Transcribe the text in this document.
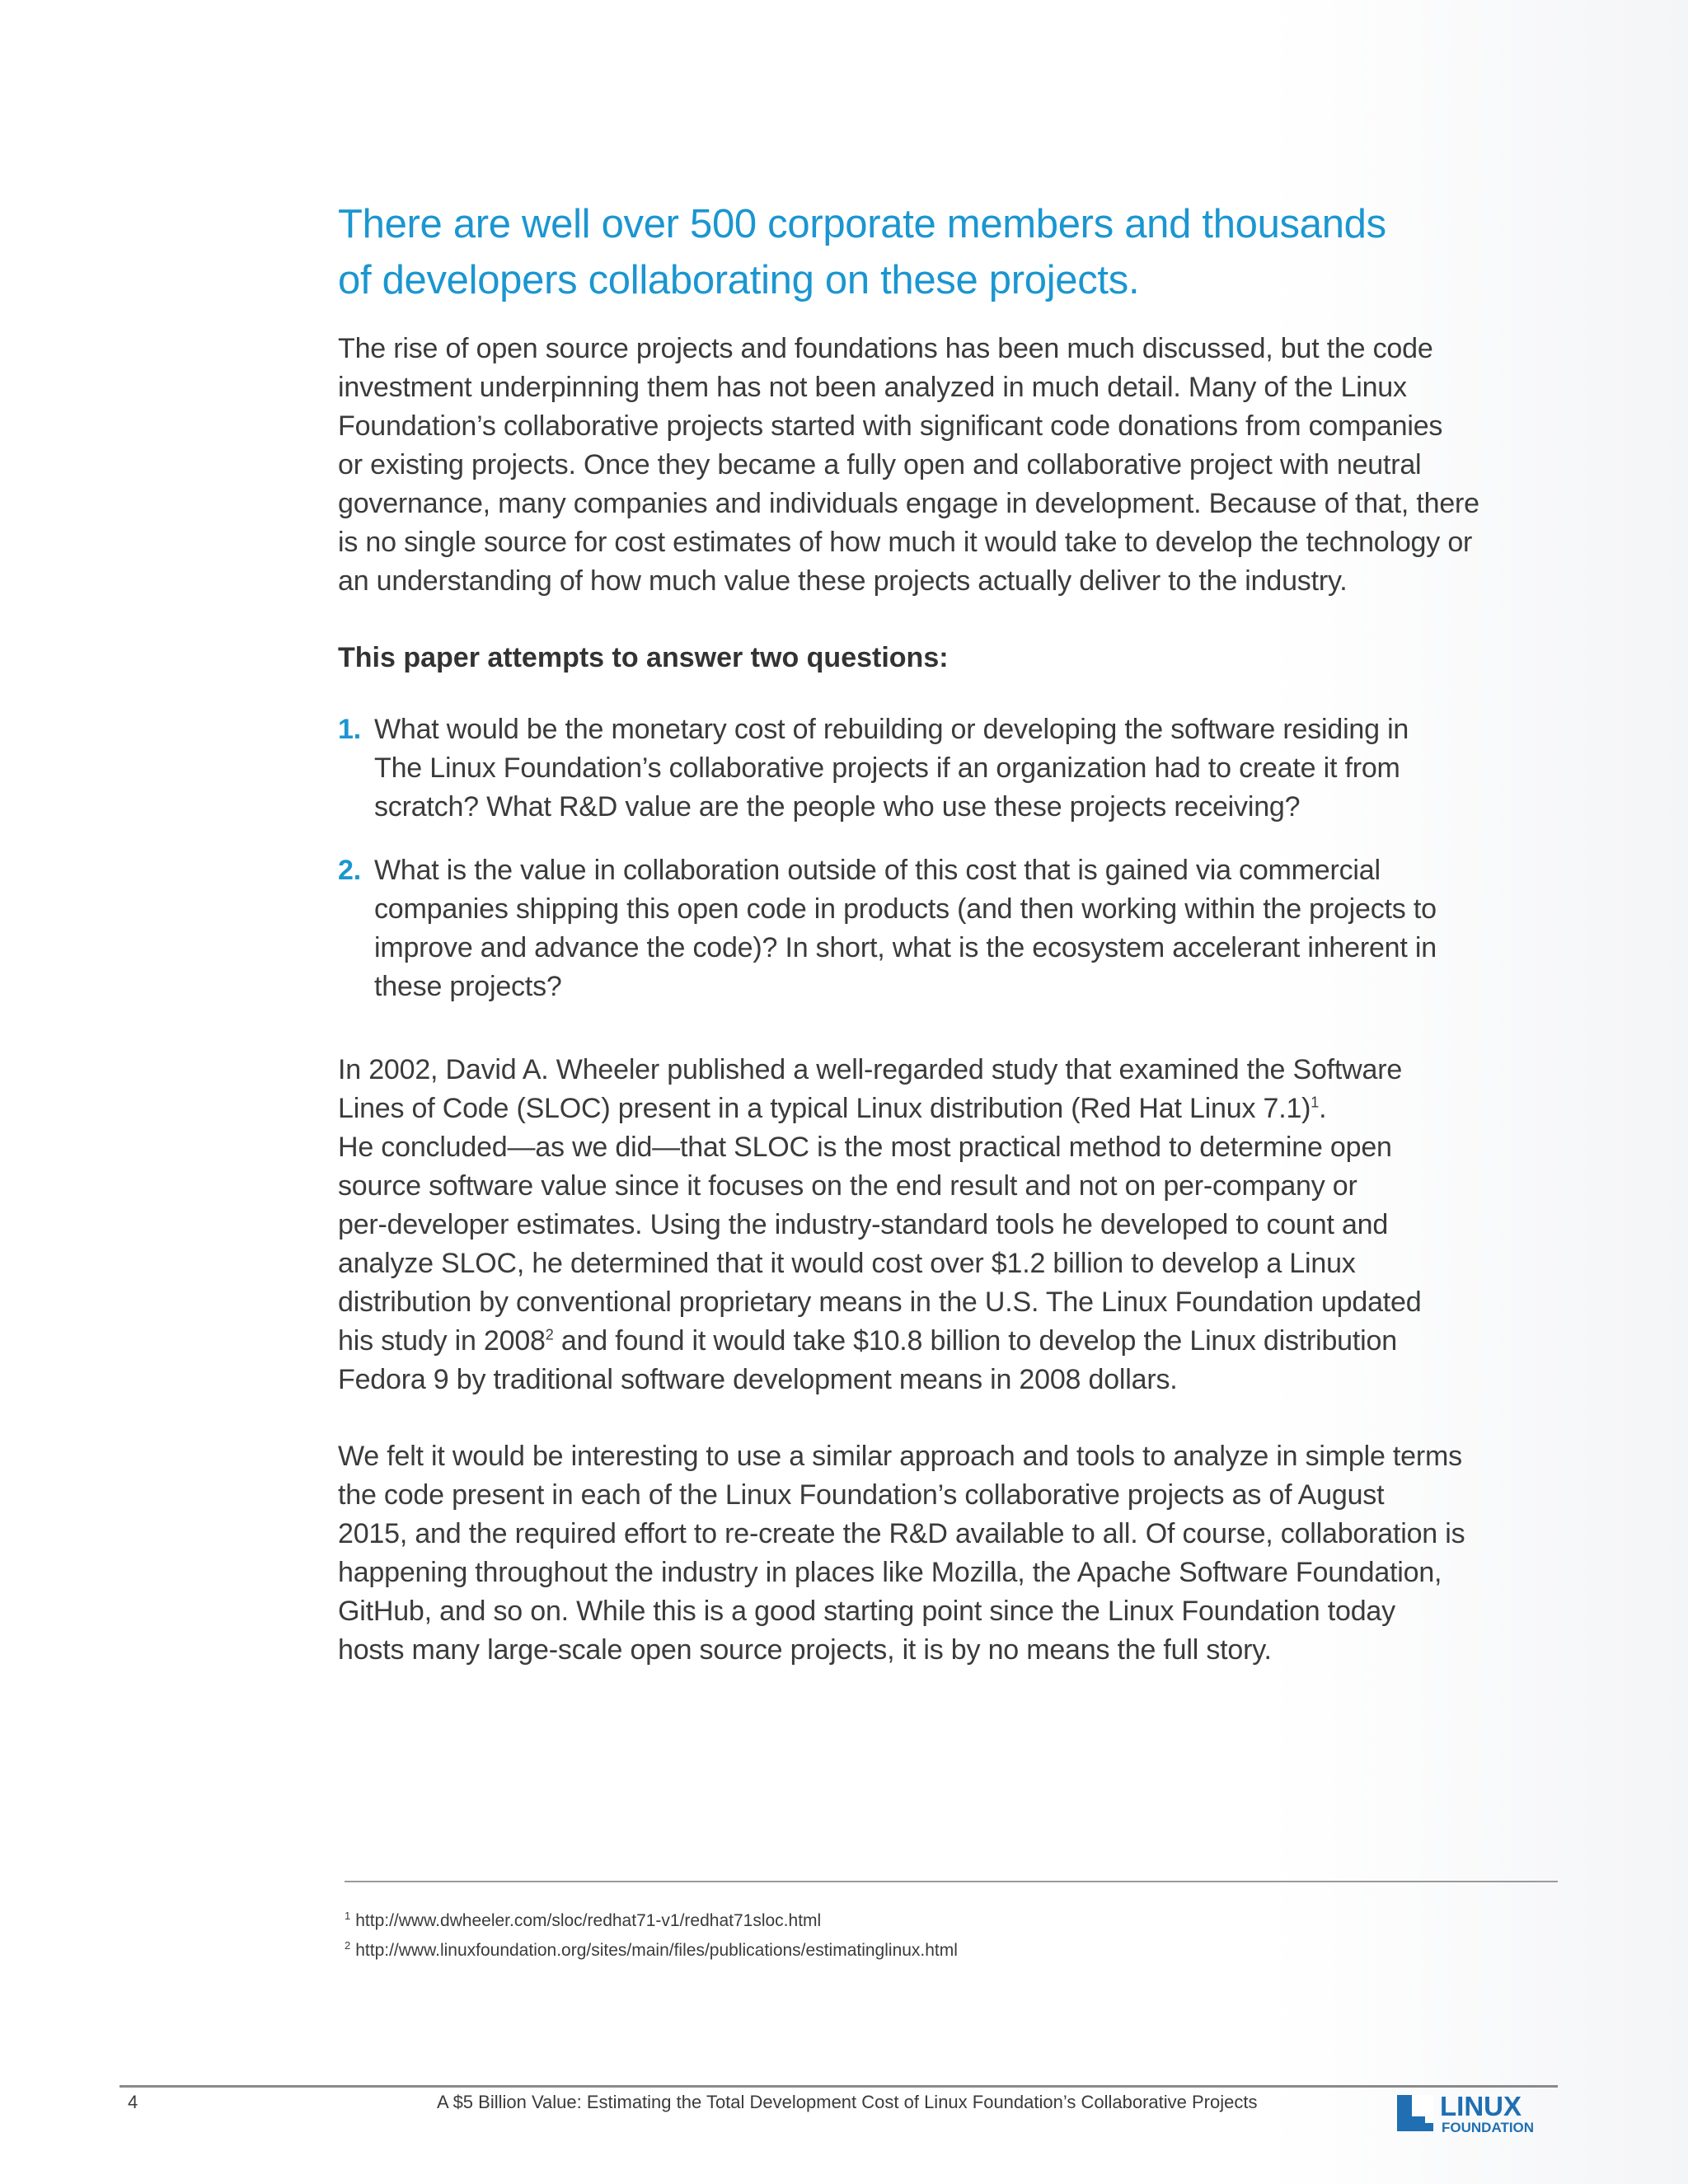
There are well over 500 corporate members and thousands
of developers collaborating on these projects.

The rise of open source projects and foundations has been much discussed, but the code
investment underpinning them has not been analyzed in much detail. Many of the Linux
Foundation’s collaborative projects started with significant code donations from companies
or existing projects. Once they became a fully open and collaborative project with neutral
governance, many companies and individuals engage in development. Because of that, there
is no single source for cost estimates of how much it would take to develop the technology or
an understanding of how much value these projects actually deliver to the industry.

This paper attempts to answer two questions:
1. What would be the monetary cost of rebuilding or developing the software residing in
The Linux Foundation’s collaborative projects if an organization had to create it from
scratch? What R&D value are the people who use these projects receiving?
2. What is the value in collaboration outside of this cost that is gained via commercial
companies shipping this open code in products (and then working within the projects to
improve and advance the code)? In short, what is the ecosystem accelerant inherent in
these projects?

In 2002, David A. Wheeler published a well-regarded study that examined the Software
Lines of Code (SLOC) present in a typical Linux distribution (Red Hat Linux 7.1)$^1$.
He concluded—as we did—that SLOC is the most practical method to determine open
source software value since it focuses on the end result and not on per-company or
per-developer estimates. Using the industry-standard tools he developed to count and
analyze SLOC, he determined that it would cost over $1.2 billion to develop a Linux
distribution by conventional proprietary means in the U.S. The Linux Foundation updated
his study in 2008$^2$ and found it would take $10.8 billion to develop the Linux distribution
Fedora 9 by traditional software development means in 2008 dollars.

We felt it would be interesting to use a similar approach and tools to analyze in simple terms
the code present in each of the Linux Foundation’s collaborative projects as of August
2015, and the required effort to re-create the R&D available to all. Of course, collaboration is
happening throughout the industry in places like Mozilla, the Apache Software Foundation,
GitHub, and so on. While this is a good starting point since the Linux Foundation today
hosts many large-scale open source projects, it is by no means the full story.

$^1$ http://www.dwheeler.com/sloc/redhat71-v1/redhat71sloc.html
$^2$ http://www.linuxfoundation.org/sites/main/files/publications/estimatinglinux.html
4	A $5 Billion Value: Estimating the Total Development Cost of Linux Foundation’s Collaborative Projects	LINUX
FOUNDATION
